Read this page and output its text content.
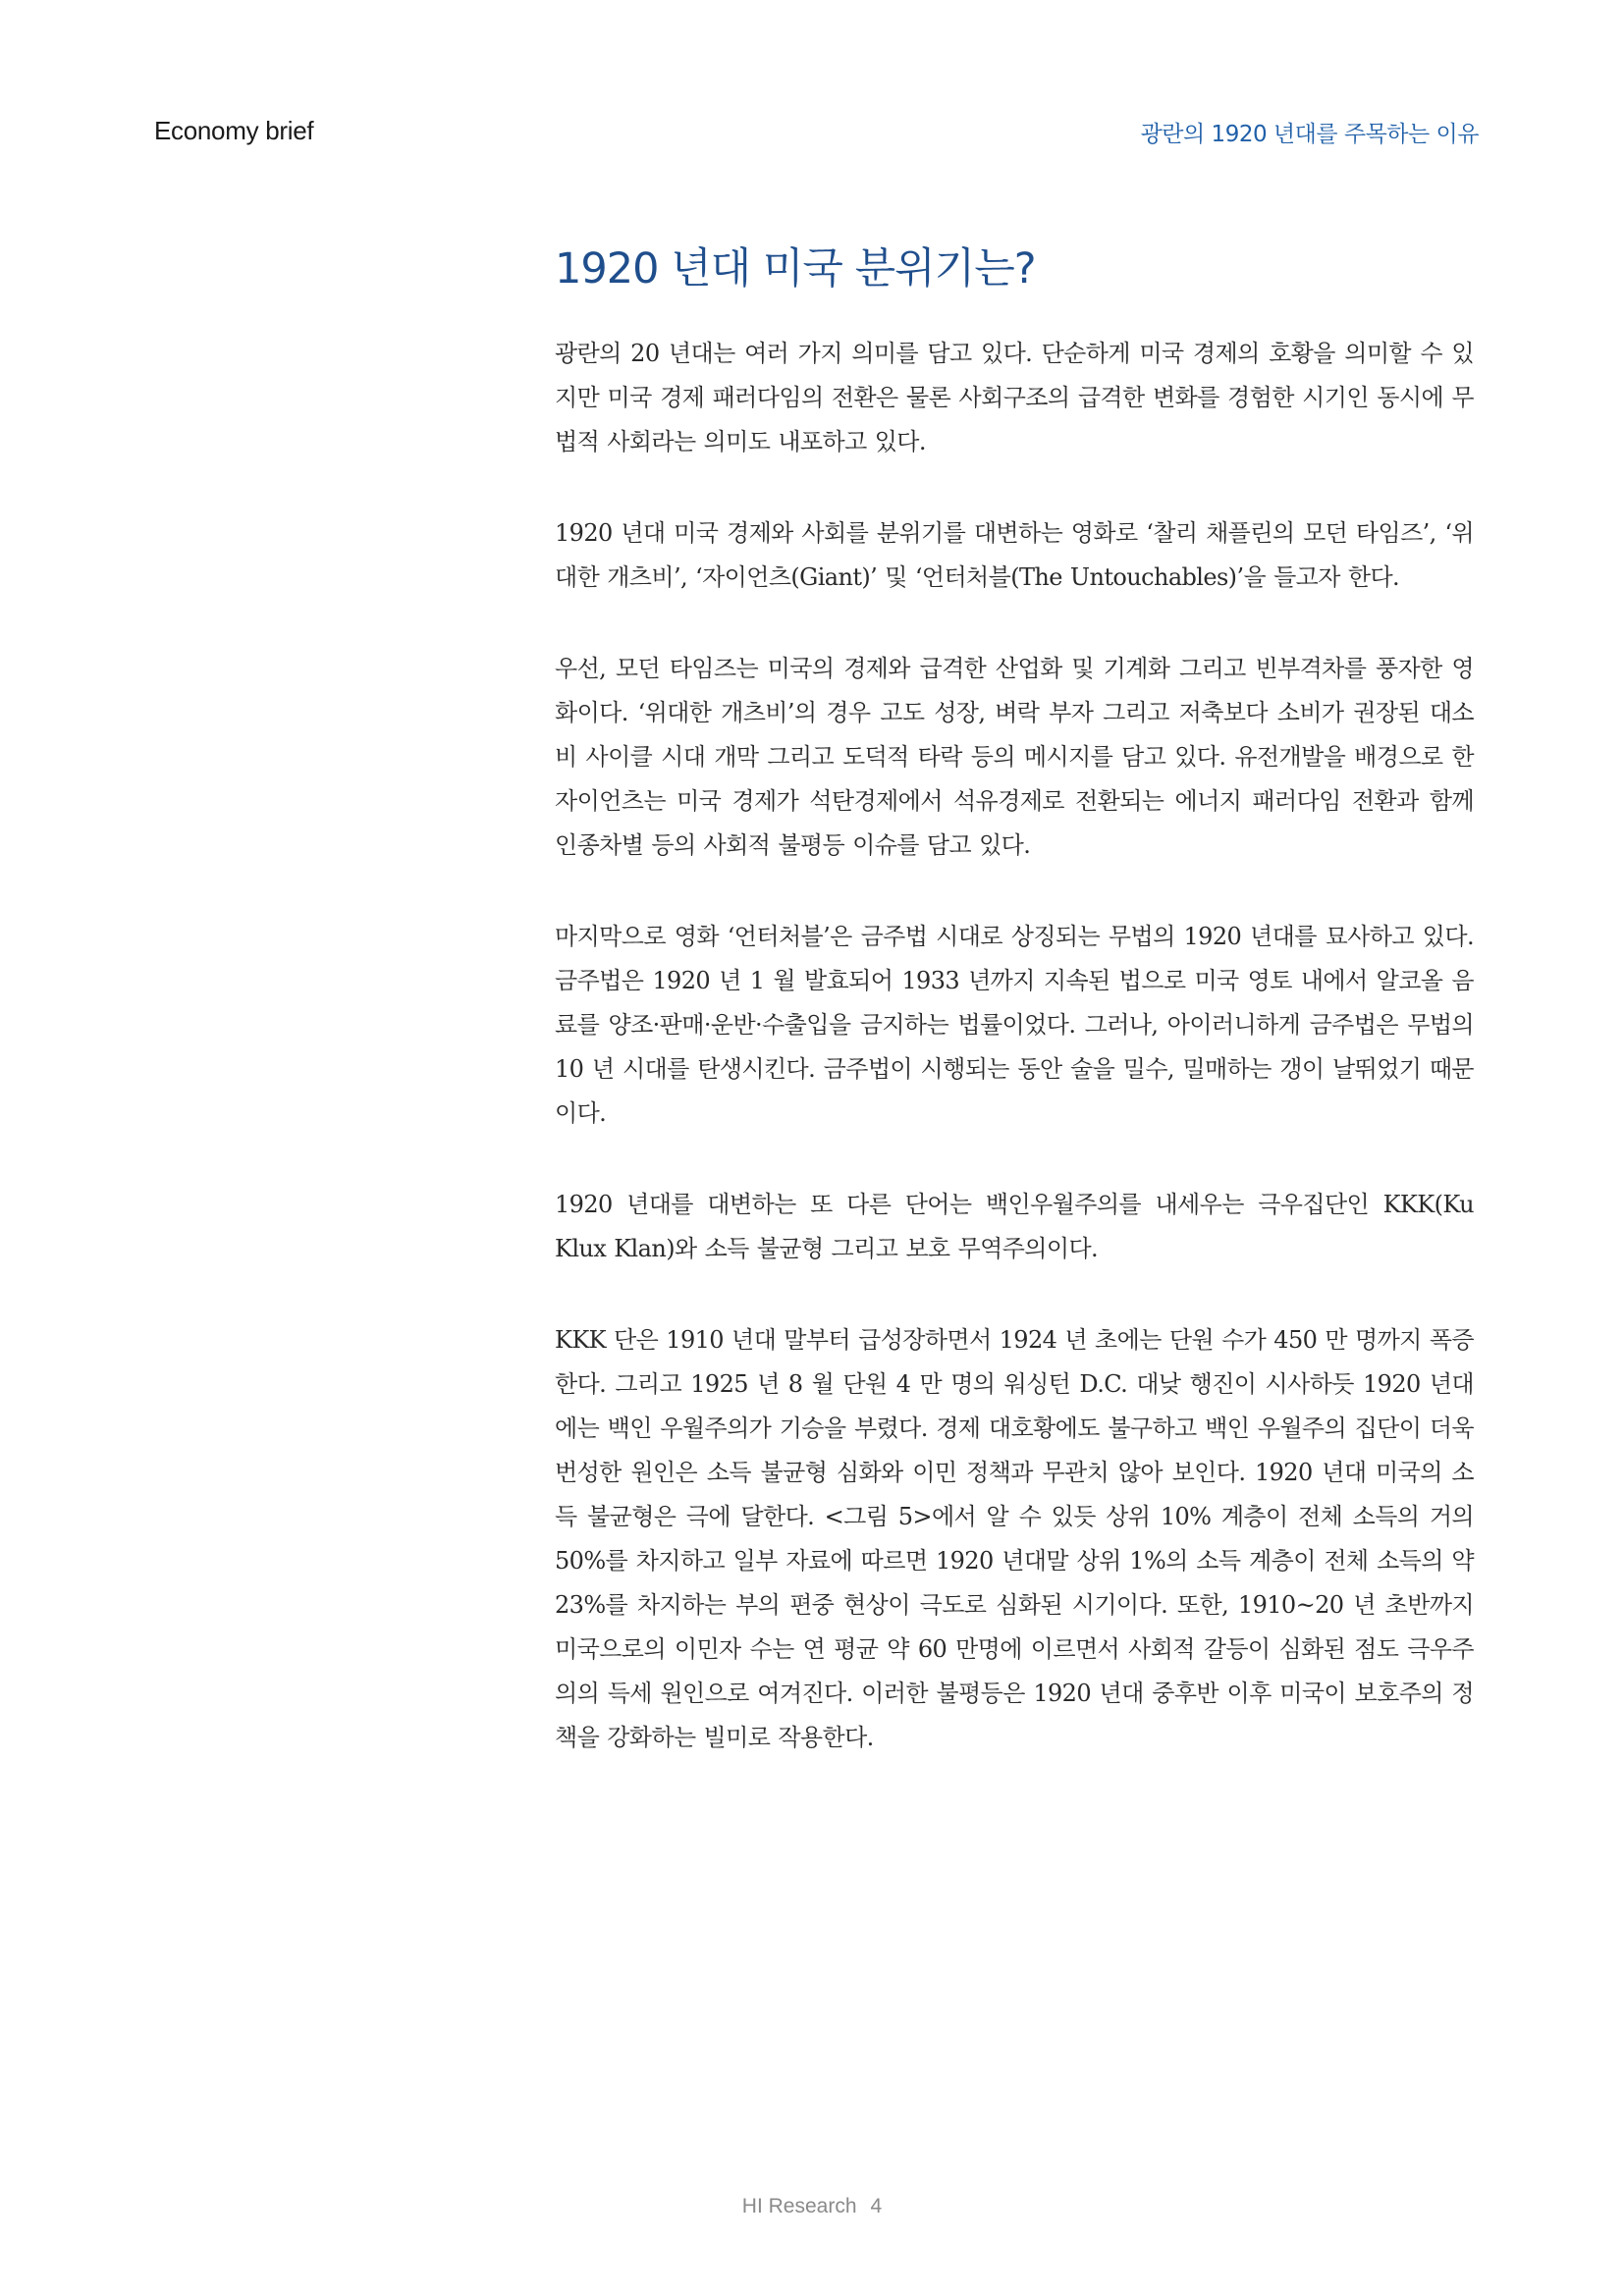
Economy brief	광란의 1920 년대를 주목하는 이유
1920 년대 미국 분위기는?

광란의 20 년대는 여러 가지 의미를 담고 있다. 단순하게 미국 경제의 호황을 의미할 수 있지만 미국 경제 패러다임의 전환은 물론 사회구조의 급격한 변화를 경험한 시기인 동시에 무법적 사회라는 의미도 내포하고 있다.

1920 년대 미국 경제와 사회를 분위기를 대변하는 영화로 ‘찰리 채플린의 모던 타임즈’, ‘위대한 개츠비’, ‘자이언츠(Giant)’ 및 ‘언터처블(The Untouchables)’을 들고자 한다.

우선, 모던 타임즈는 미국의 경제와 급격한 산업화 및 기계화 그리고 빈부격차를 풍자한 영화이다. ‘위대한 개츠비’의 경우 고도 성장, 벼락 부자 그리고 저축보다 소비가 권장된 대소비 사이클 시대 개막 그리고 도덕적 타락 등의 메시지를 담고 있다. 유전개발을 배경으로 한 자이언츠는 미국 경제가 석탄경제에서 석유경제로 전환되는 에너지 패러다임 전환과 함께 인종차별 등의 사회적 불평등 이슈를 담고 있다.

마지막으로 영화 ‘언터처블’은 금주법 시대로 상징되는 무법의 1920 년대를 묘사하고 있다. 금주법은 1920 년 1 월 발효되어 1933 년까지 지속된 법으로 미국 영토 내에서 알코올 음료를 양조·판매·운반·수출입을 금지하는 법률이었다. 그러나, 아이러니하게 금주법은 무법의 10 년 시대를 탄생시킨다. 금주법이 시행되는 동안 술을 밀수, 밀매하는 갱이 날뛰었기 때문이다.

1920 년대를 대변하는 또 다른 단어는 백인우월주의를 내세우는 극우집단인 KKK(Ku Klux Klan)와 소득 불균형 그리고 보호 무역주의이다.

KKK 단은 1910 년대 말부터 급성장하면서 1924 년 초에는 단원 수가 450 만 명까지 폭증한다. 그리고 1925 년 8 월 단원 4 만 명의 워싱턴 D.C. 대낮 행진이 시사하듯 1920 년대에는 백인 우월주의가 기승을 부렸다. 경제 대호황에도 불구하고 백인 우월주의 집단이 더욱 번성한 원인은 소득 불균형 심화와 이민 정책과 무관치 않아 보인다. 1920 년대 미국의 소득 불균형은 극에 달한다. <그림 5>에서 알 수 있듯 상위 10% 계층이 전체 소득의 거의 50%를 차지하고 일부 자료에 따르면 1920 년대말 상위 1%의 소득 계층이 전체 소득의 약 23%를 차지하는 부의 편중 현상이 극도로 심화된 시기이다. 또한, 1910~20 년 초반까지 미국으로의 이민자 수는 연 평균 약 60 만명에 이르면서 사회적 갈등이 심화된 점도 극우주의의 득세 원인으로 여겨진다. 이러한 불평등은 1920 년대 중후반 이후 미국이 보호주의 정책을 강화하는 빌미로 작용한다.

HI Research 4
